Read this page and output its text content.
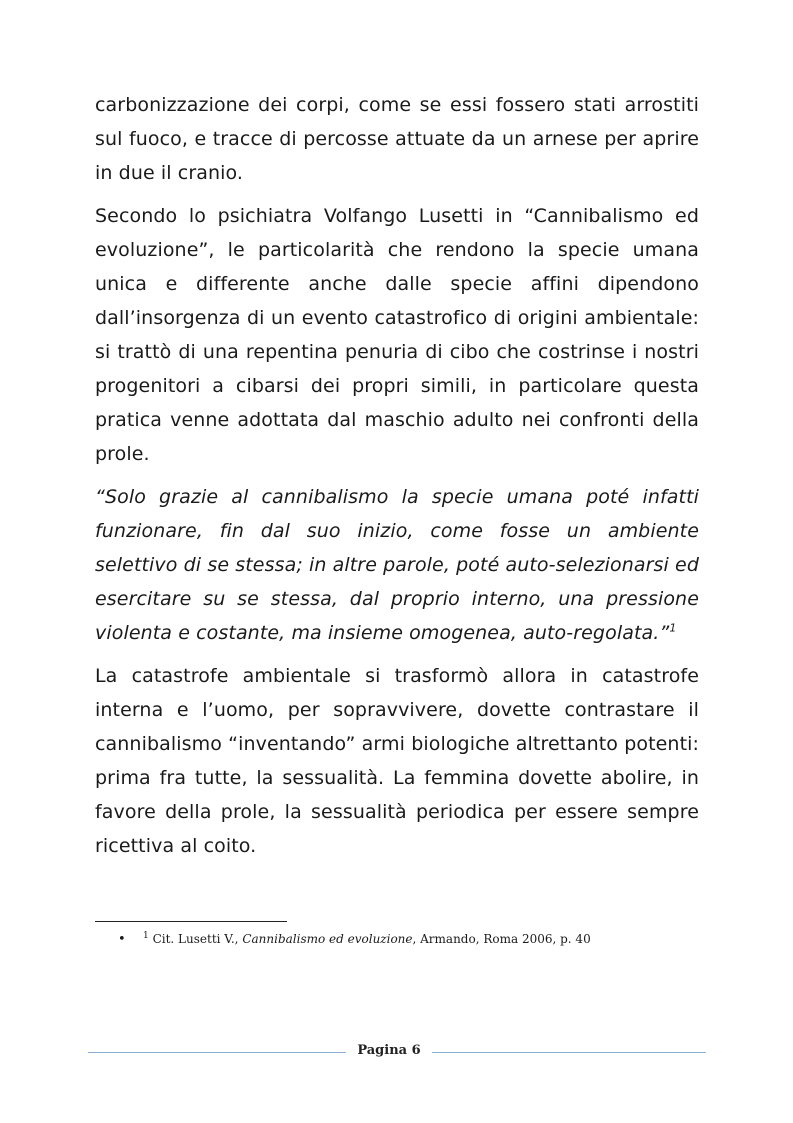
carbonizzazione dei corpi, come se essi fossero stati arrostiti sul fuoco, e tracce di percosse attuate da un arnese per aprire in due il cranio.

Secondo lo psichiatra Volfango Lusetti in “Cannibalismo ed evoluzione”, le particolarità che rendono la specie umana unica e differente anche dalle specie affini dipendono dall’insorgenza di un evento catastrofico di origini ambientale: si trattò di una repentina penuria di cibo che costrinse i nostri progenitori a cibarsi dei propri simili, in particolare questa pratica venne adottata dal maschio adulto nei confronti della prole.

“Solo grazie al cannibalismo la specie umana poté infatti funzionare, fin dal suo inizio, come fosse un ambiente selettivo di se stessa; in altre parole, poté auto-selezionarsi ed esercitare su se stessa, dal proprio interno, una pressione violenta e costante, ma insieme omogenea, auto-regolata.”$^1$

La catastrofe ambientale si trasformò allora in catastrofe interna e l’uomo, per sopravvivere, dovette contrastare il cannibalismo “inventando” armi biologiche altrettanto potenti: prima fra tutte, la sessualità. La femmina dovette abolire, in favore della prole, la sessualità periodica per essere sempre ricettiva al coito.

• $^1$ Cit. Lusetti V., Cannibalismo ed evoluzione, Armando, Roma 2006, p. 40
Pagina 6
